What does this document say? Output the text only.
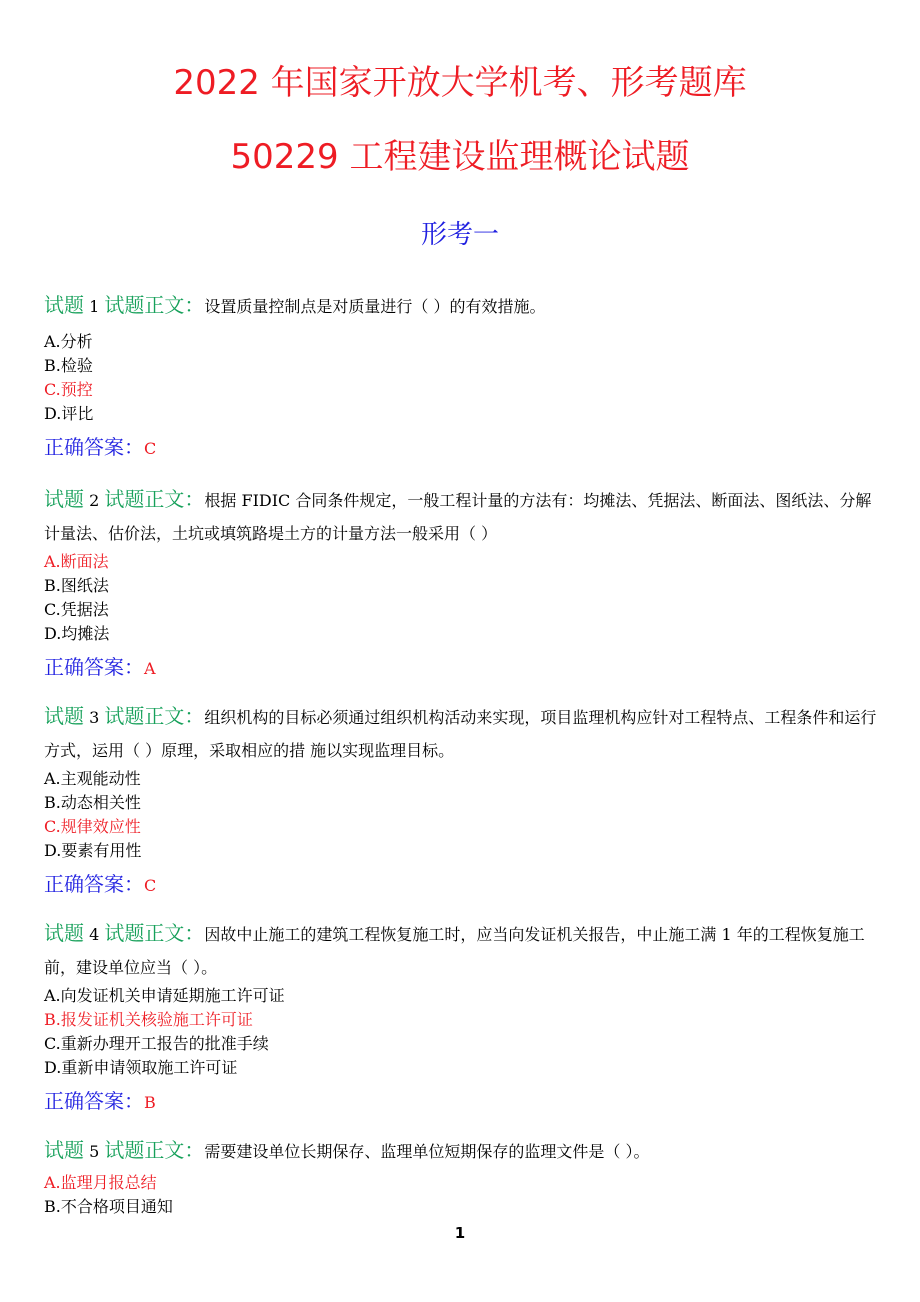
2022 年国家开放大学机考、形考题库
50229 工程建设监理概论试题
形考一
试题 1 试题正文：设置质量控制点是对质量进行（ ）的有效措施。
A.分析
B.检验
C.预控
D.评比
正确答案：C
试题 2 试题正文：根据 FIDIC 合同条件规定，一般工程计量的方法有：均摊法、凭据法、断面法、图纸法、分解计量法、估价法，土坑或填筑路堤土方的计量方法一般采用（ ）
A.断面法
B.图纸法
C.凭据法
D.均摊法
正确答案：A
试题 3 试题正文：组织机构的目标必须通过组织机构活动来实现，项目监理机构应针对工程特点、工程条件和运行方式，运用（ ）原理，采取相应的措 施以实现监理目标。
A.主观能动性
B.动态相关性
C.规律效应性
D.要素有用性
正确答案：C
试题 4 试题正文：因故中止施工的建筑工程恢复施工时，应当向发证机关报告，中止施工满 1 年的工程恢复施工前，建设单位应当（ ）。
A.向发证机关申请延期施工许可证
B.报发证机关核验施工许可证
C.重新办理开工报告的批准手续
D.重新申请领取施工许可证
正确答案：B
试题 5 试题正文：需要建设单位长期保存、监理单位短期保存的监理文件是（ ）。
A.监理月报总结
B.不合格项目通知
1
